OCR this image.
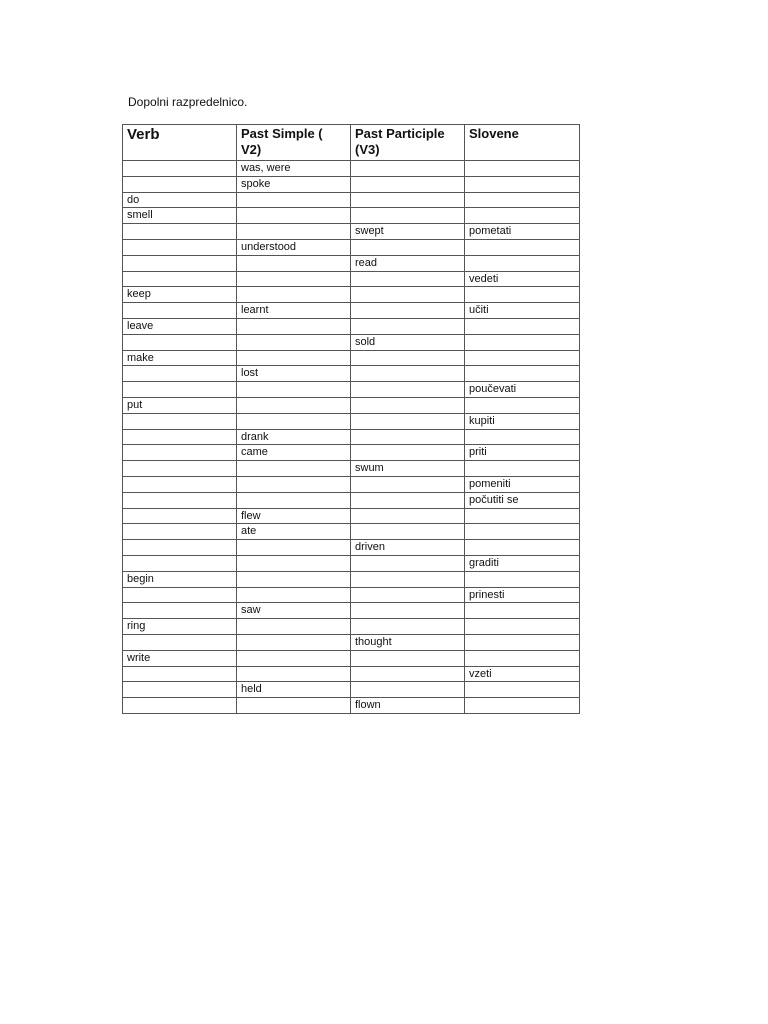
Dopolni razpredelnico.
Verb	Past Simple ( V2)	Past Participle (V3)	Slovene
	was, were		
	spoke		
do			
smell			
		swept	pometati
	understood		
		read	
			vedeti
keep			
	learnt		učiti
leave			
		sold	
make			
	lost		
			poučevati
put			
			kupiti
	drank		
	came		priti
		swum	
			pomeniti
			počutiti se
	flew		
	ate		
		driven	
			graditi
begin			
			prinesti
	saw		
ring			
		thought	
write			
			vzeti
	held		
		flown	
